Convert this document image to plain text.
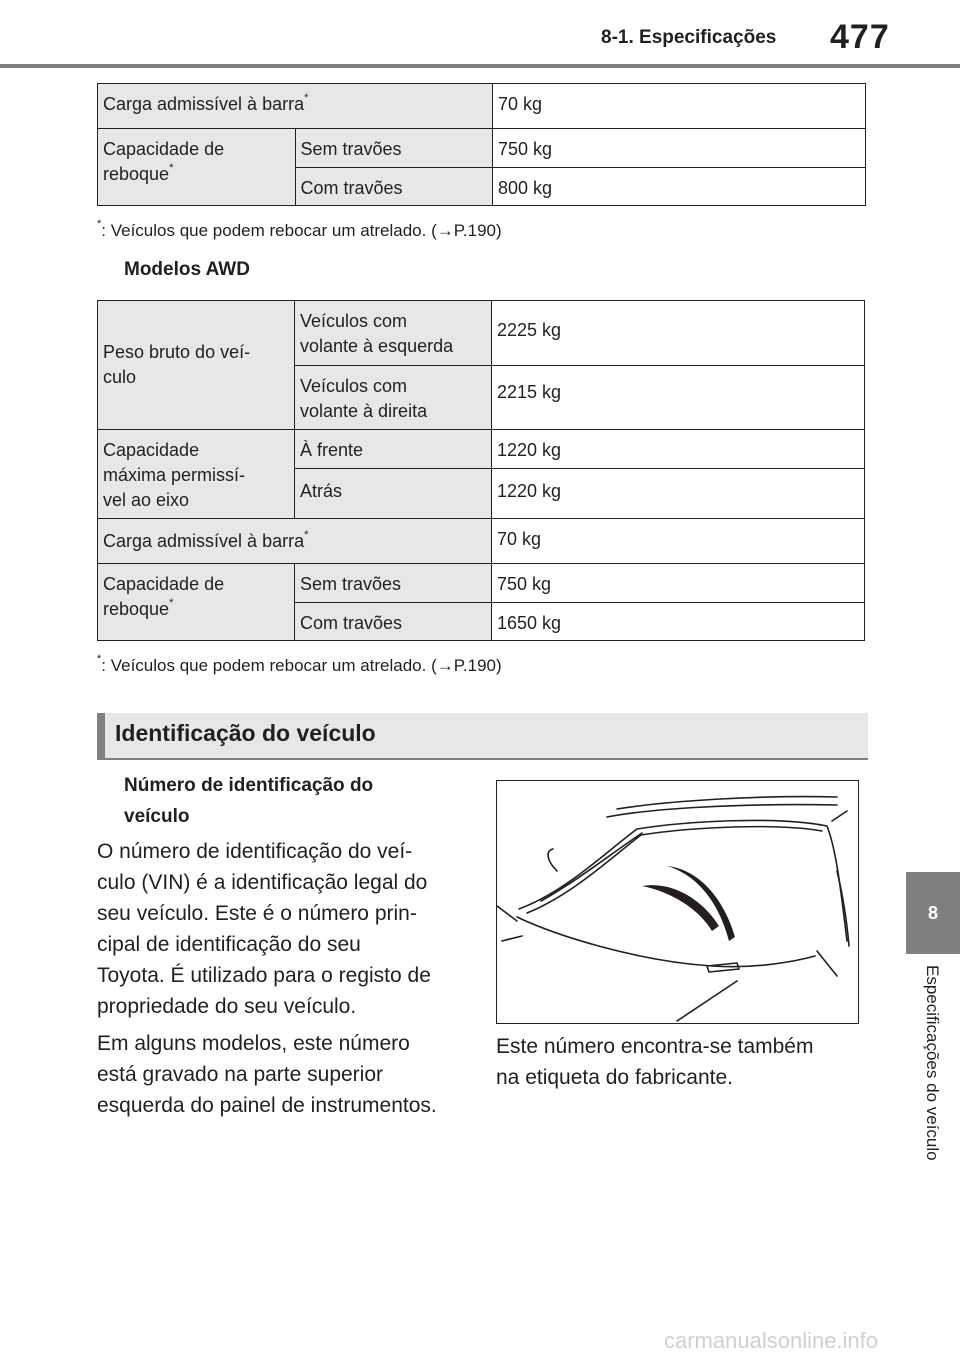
8-1. Especificações 477
8
Especificações do veículo
Carga admissível à barra*		70 kg
Capacidade de
reboque*	Sem travões	750 kg
	Com travões	800 kg
*: Veículos que podem rebocar um atrelado. (→P.190)
Modelos AWD
Peso bruto do veí-
culo	Veículos com
volante à esquerda	2225 kg
	Veículos com
volante à direita	2215 kg
Capacidade
máxima permissí-
vel ao eixo	À frente	1220 kg
	Atrás	1220 kg
Carga admissível à barra*		70 kg
Capacidade de
reboque*	Sem travões	750 kg
	Com travões	1650 kg
*: Veículos que podem rebocar um atrelado. (→P.190)
Identificação do veículo
Número de identificação do
veículo
O número de identificação do veí-
culo (VIN) é a identificação legal do
seu veículo. Este é o número prin-
cipal de identificação do seu
Toyota. É utilizado para o registo de
propriedade do seu veículo.
Em alguns modelos, este número
está gravado na parte superior
esquerda do painel de instrumentos.
Este número encontra-se também
na etiqueta do fabricante.
carmanualsonline.info
